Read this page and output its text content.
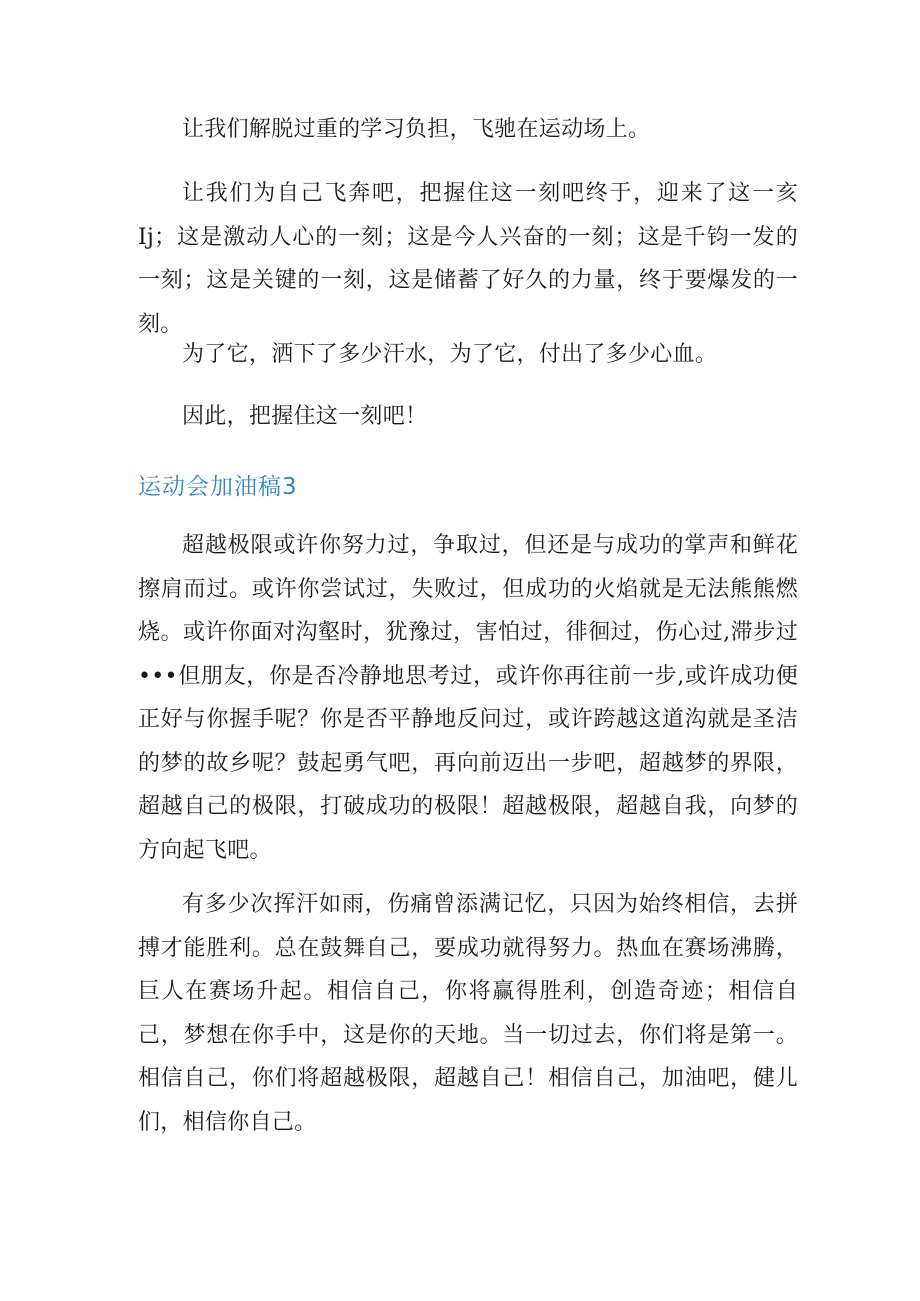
让我们解脱过重的学习负担，飞驰在运动场上。

让我们为自己飞奔吧，把握住这一刻吧终于，迎来了这一亥Ij；这是激动人心的一刻；这是今人兴奋的一刻；这是千钧一发的一刻；这是关键的一刻，这是储蓄了好久的力量，终于要爆发的一刻。

为了它，洒下了多少汗水，为了它，付出了多少心血。

因此，把握住这一刻吧！

运动会加油稿3

超越极限或许你努力过，争取过，但还是与成功的掌声和鲜花擦肩而过。或许你尝试过，失败过，但成功的火焰就是无法熊熊燃烧。或许你面对沟壑时，犹豫过，害怕过，徘徊过，伤心过,滞步过•••但朋友，你是否冷静地思考过，或许你再往前一步,或许成功便正好与你握手呢？你是否平静地反问过，或许跨越这道沟就是圣洁的梦的故乡呢？鼓起勇气吧，再向前迈出一步吧，超越梦的界限，超越自己的极限，打破成功的极限！超越极限，超越自我，向梦的方向起飞吧。

有多少次挥汗如雨，伤痛曾添满记忆，只因为始终相信，去拼搏才能胜利。总在鼓舞自己，要成功就得努力。热血在赛场沸腾，巨人在赛场升起。相信自己，你将赢得胜利，创造奇迹；相信自己，梦想在你手中，这是你的天地。当一切过去，你们将是第一。相信自己，你们将超越极限，超越自己！相信自己，加油吧，健儿们，相信你自己。
